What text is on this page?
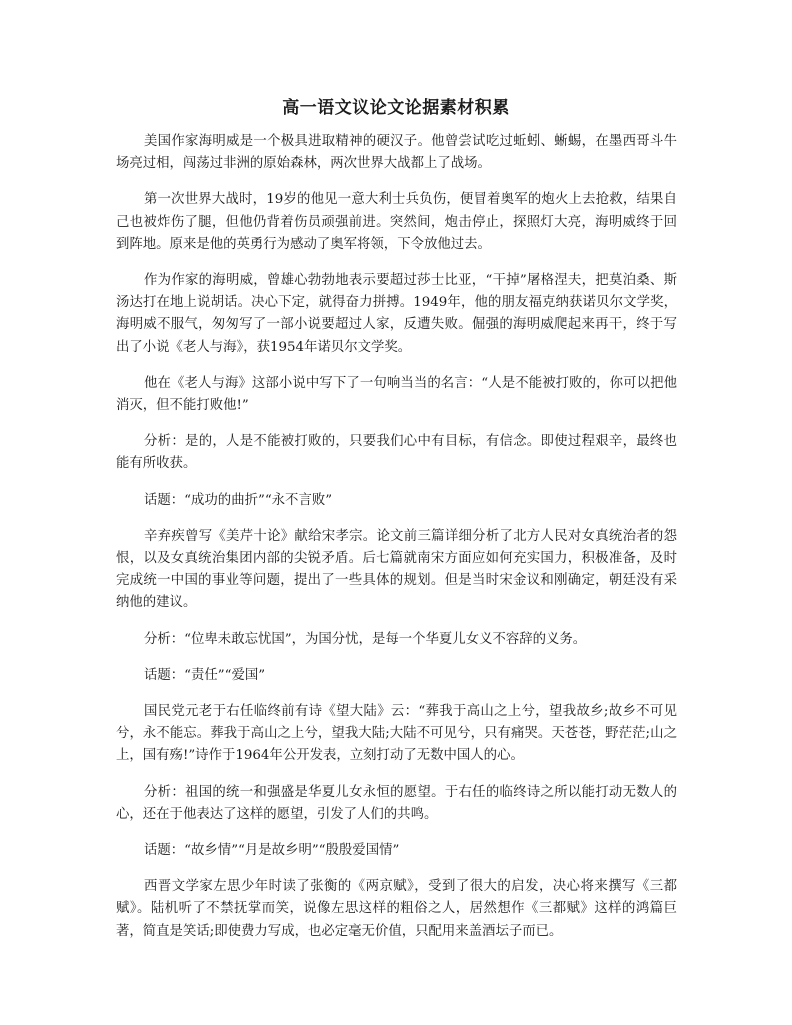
高一语文议论文论据素材积累

美国作家海明威是一个极具进取精神的硬汉子。他曾尝试吃过蚯蚓、蜥蜴，在墨西哥斗牛场亮过相，闯荡过非洲的原始森林，两次世界大战都上了战场。

第一次世界大战时，19岁的他见一意大利士兵负伤，便冒着奥军的炮火上去抢救，结果自己也被炸伤了腿，但他仍背着伤员顽强前进。突然间，炮击停止，探照灯大亮，海明威终于回到阵地。原来是他的英勇行为感动了奥军将领，下令放他过去。

作为作家的海明威，曾雄心勃勃地表示要超过莎士比亚，“干掉”屠格涅夫，把莫泊桑、斯汤达打在地上说胡话。决心下定，就得奋力拼搏。1949年，他的朋友福克纳获诺贝尔文学奖，海明威不服气，匆匆写了一部小说要超过人家，反遭失败。倔强的海明威爬起来再干，终于写出了小说《老人与海》，获1954年诺贝尔文学奖。

他在《老人与海》这部小说中写下了一句响当当的名言：“人是不能被打败的，你可以把他消灭，但不能打败他!”

分析：是的，人是不能被打败的，只要我们心中有目标，有信念。即使过程艰辛，最终也能有所收获。

话题：“成功的曲折”“永不言败”

辛弃疾曾写《美芹十论》献给宋孝宗。论文前三篇详细分析了北方人民对女真统治者的怨恨，以及女真统治集团内部的尖锐矛盾。后七篇就南宋方面应如何充实国力，积极准备，及时完成统一中国的事业等问题，提出了一些具体的规划。但是当时宋金议和刚确定，朝廷没有采纳他的建议。

分析：“位卑未敢忘忧国”，为国分忧，是每一个华夏儿女义不容辞的义务。

话题：“责任”“爱国”

国民党元老于右任临终前有诗《望大陆》云：“葬我于高山之上兮，望我故乡;故乡不可见兮，永不能忘。葬我于高山之上兮，望我大陆;大陆不可见兮，只有痛哭。天苍苍，野茫茫;山之上，国有殇!”诗作于1964年公开发表，立刻打动了无数中国人的心。

分析：祖国的统一和强盛是华夏儿女永恒的愿望。于右任的临终诗之所以能打动无数人的心，还在于他表达了这样的愿望，引发了人们的共鸣。

话题：“故乡情”“月是故乡明”“殷殷爱国情”

西晋文学家左思少年时读了张衡的《两京赋》，受到了很大的启发，决心将来撰写《三都赋》。陆机听了不禁抚掌而笑，说像左思这样的粗俗之人，居然想作《三都赋》这样的鸿篇巨著，简直是笑话;即使费力写成，也必定毫无价值，只配用来盖酒坛子而已。
